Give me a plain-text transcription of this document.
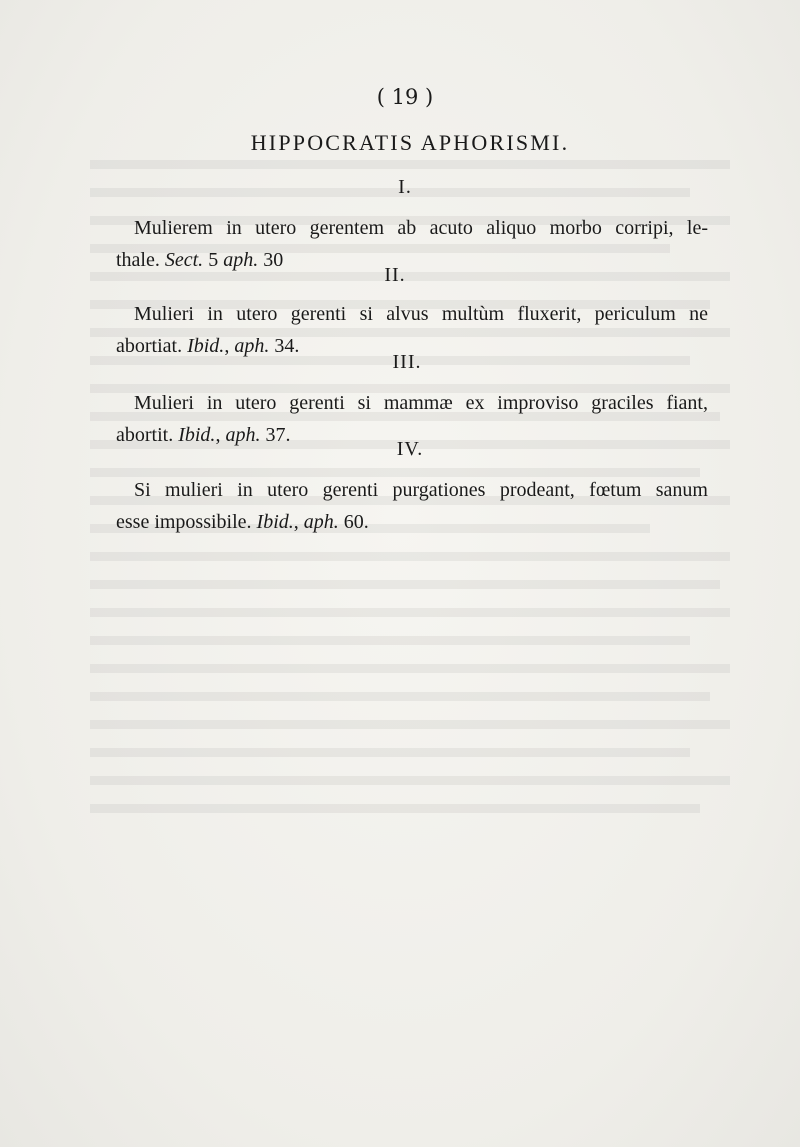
( 19 )
HIPPOCRATIS APHORISMI.
I.
Mulierem in utero gerentem ab acuto aliquo morbo corripi, le-
thale. Sect. 5 aph. 30
II.
Mulieri in utero gerenti si alvus multùm fluxerit, periculum ne
abortiat. Ibid., aph. 34.
III.
Mulieri in utero gerenti si mammæ ex improviso graciles fiant,
abortit. Ibid., aph. 37.
IV.
Si mulieri in utero gerenti purgationes prodeant, fœtum sanum
esse impossibile. Ibid., aph. 60.
